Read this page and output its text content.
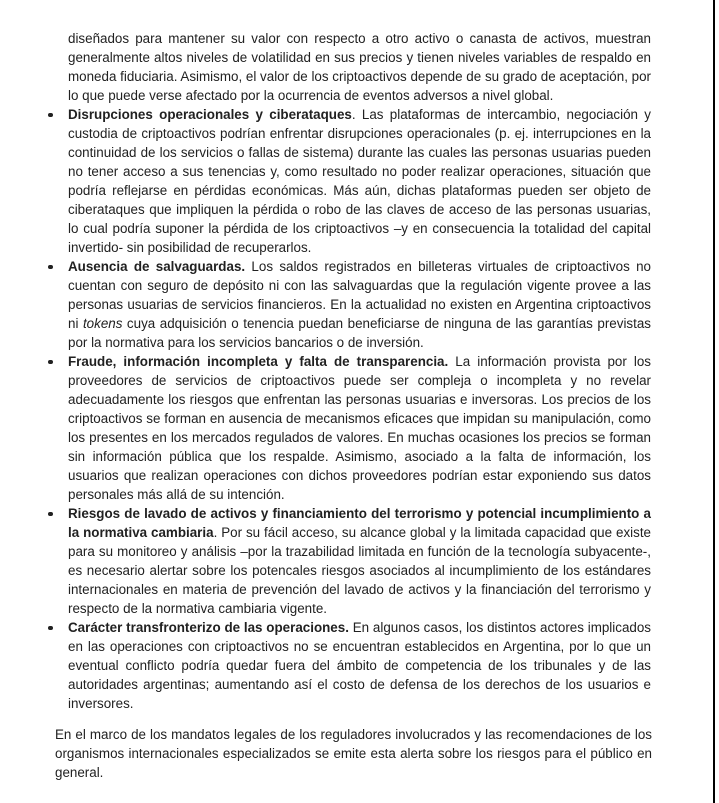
diseñados para mantener su valor con respecto a otro activo o canasta de activos, muestran generalmente altos niveles de volatilidad en sus precios y tienen niveles variables de respaldo en moneda fiduciaria. Asimismo, el valor de los criptoactivos depende de su grado de aceptación, por lo que puede verse afectado por la ocurrencia de eventos adversos a nivel global.

Disrupciones operacionales y ciberataques. Las plataformas de intercambio, negociación y custodia de criptoactivos podrían enfrentar disrupciones operacionales (p. ej. interrupciones en la continuidad de los servicios o fallas de sistema) durante las cuales las personas usuarias pueden no tener acceso a sus tenencias y, como resultado no poder realizar operaciones, situación que podría reflejarse en pérdidas económicas. Más aún, dichas plataformas pueden ser objeto de ciberataques que impliquen la pérdida o robo de las claves de acceso de las personas usuarias, lo cual podría suponer la pérdida de los criptoactivos –y en consecuencia la totalidad del capital invertido- sin posibilidad de recuperarlos.
Ausencia de salvaguardas. Los saldos registrados en billeteras virtuales de criptoactivos no cuentan con seguro de depósito ni con las salvaguardas que la regulación vigente provee a las personas usuarias de servicios financieros. En la actualidad no existen en Argentina criptoactivos ni tokens cuya adquisición o tenencia puedan beneficiarse de ninguna de las garantías previstas por la normativa para los servicios bancarios o de inversión.
Fraude, información incompleta y falta de transparencia. La información provista por los proveedores de servicios de criptoactivos puede ser compleja o incompleta y no revelar adecuadamente los riesgos que enfrentan las personas usuarias e inversoras. Los precios de los criptoactivos se forman en ausencia de mecanismos eficaces que impidan su manipulación, como los presentes en los mercados regulados de valores. En muchas ocasiones los precios se forman sin información pública que los respalde. Asimismo, asociado a la falta de información, los usuarios que realizan operaciones con dichos proveedores podrían estar exponiendo sus datos personales más allá de su intención.
Riesgos de lavado de activos y financiamiento del terrorismo y potencial incumplimiento a la normativa cambiaria. Por su fácil acceso, su alcance global y la limitada capacidad que existe para su monitoreo y análisis –por la trazabilidad limitada en función de la tecnología subyacente-, es necesario alertar sobre los potencales riesgos asociados al incumplimiento de los estándares internacionales en materia de prevención del lavado de activos y la financiación del terrorismo y respecto de la normativa cambiaria vigente.
Carácter transfronterizo de las operaciones. En algunos casos, los distintos actores implicados en las operaciones con criptoactivos no se encuentran establecidos en Argentina, por lo que un eventual conflicto podría quedar fuera del ámbito de competencia de los tribunales y de las autoridades argentinas; aumentando así el costo de defensa de los derechos de los usuarios e inversores.

En el marco de los mandatos legales de los reguladores involucrados y las recomendaciones de los organismos internacionales especializados se emite esta alerta sobre los riesgos para el público en general.
